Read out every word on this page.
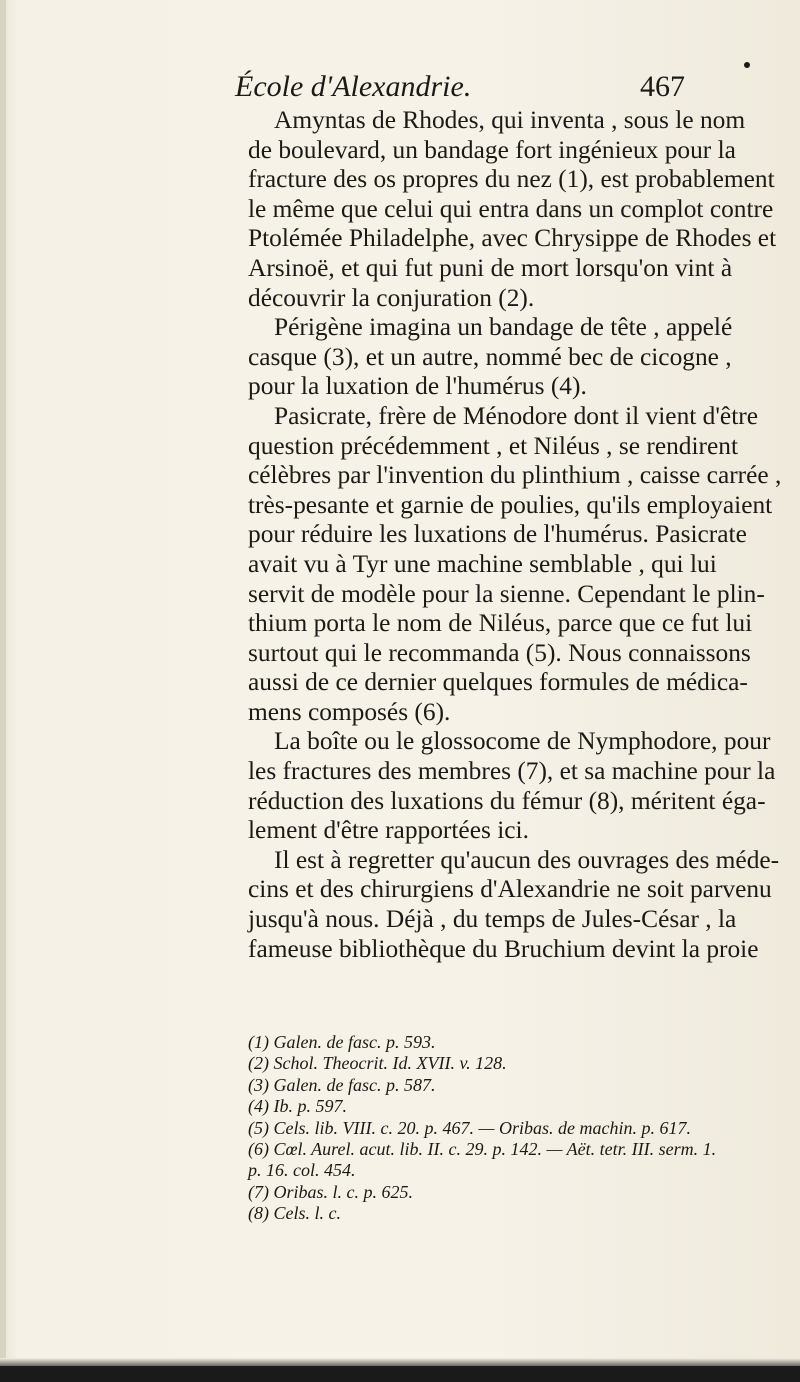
École d'Alexandrie.	467
Amyntas de Rhodes, qui inventa , sous le nom
de boulevard, un bandage fort ingénieux pour la
fracture des os propres du nez (1), est probablement
le même que celui qui entra dans un complot contre
Ptolémée Philadelphe, avec Chrysippe de Rhodes et
Arsinoë, et qui fut puni de mort lorsqu'on vint à
découvrir la conjuration (2).
Périgène imagina un bandage de tête , appelé
casque (3), et un autre, nommé bec de cicogne ,
pour la luxation de l'humérus (4).
Pasicrate, frère de Ménodore dont il vient d'être
question précédemment , et Niléus , se rendirent
célèbres par l'invention du plinthium , caisse carrée ,
très-pesante et garnie de poulies, qu'ils employaient
pour réduire les luxations de l'humérus. Pasicrate
avait vu à Tyr une machine semblable , qui lui
servit de modèle pour la sienne. Cependant le plin-
thium porta le nom de Niléus, parce que ce fut lui
surtout qui le recommanda (5). Nous connaissons
aussi de ce dernier quelques formules de médica-
mens composés (6).
La boîte ou le glossocome de Nymphodore, pour
les fractures des membres (7), et sa machine pour la
réduction des luxations du fémur (8), méritent éga-
lement d'être rapportées ici.
Il est à regretter qu'aucun des ouvrages des méde-
cins et des chirurgiens d'Alexandrie ne soit parvenu
jusqu'à nous. Déjà , du temps de Jules-César , la
fameuse bibliothèque du Bruchium devint la proie
(1) Galen. de fasc. p. 593.
(2) Schol. Theocrit. Id. XVII. v. 128.
(3) Galen. de fasc. p. 587.
(4) Ib. p. 597.
(5) Cels. lib. VIII. c. 20. p. 467. — Oribas. de machin. p. 617.
(6) Cœl. Aurel. acut. lib. II. c. 29. p. 142. — Aët. tetr. III. serm. 1.
p. 16. col. 454.
(7) Oribas. l. c. p. 625.
(8) Cels. l. c.
